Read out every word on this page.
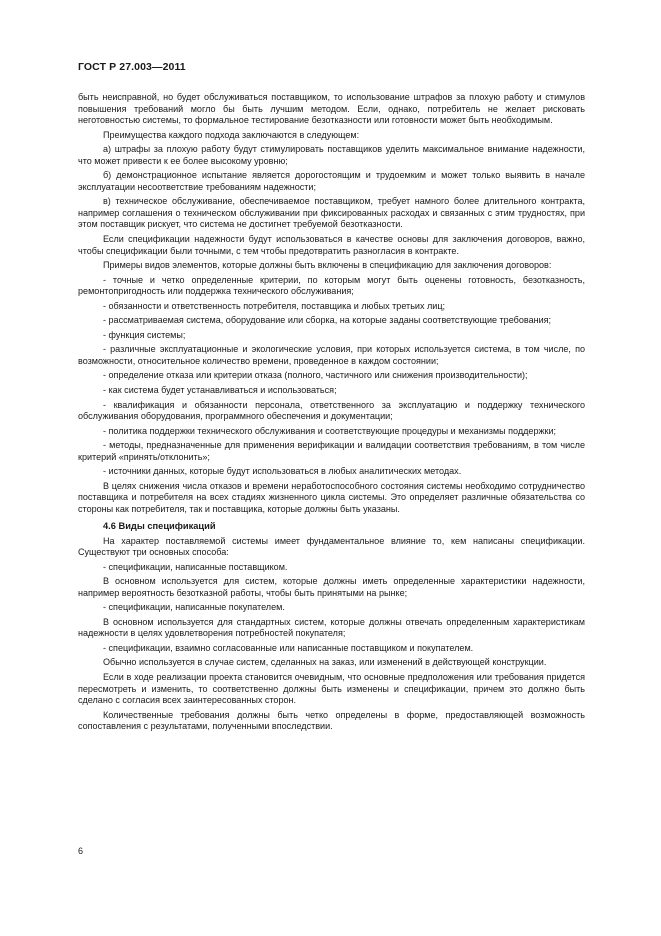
ГОСТ Р 27.003—2011

быть неисправной, но будет обслуживаться поставщиком, то использование штрафов за плохую работу и стимулов повышения требований могло бы быть лучшим методом. Если, однако, потребитель не желает рисковать неготовностью системы, то формальное тестирование безотказности или готовности может быть необходимым.

Преимущества каждого подхода заключаются в следующем:

а) штрафы за плохую работу будут стимулировать поставщиков уделить максимальное внимание надежности, что может привести к ее более высокому уровню;

б) демонстрационное испытание является дорогостоящим и трудоемким и может только выявить в начале эксплуатации несоответствие требованиям надежности;

в) техническое обслуживание, обеспечиваемое поставщиком, требует намного более длительного контракта, например соглашения о техническом обслуживании при фиксированных расходах и связанных с этим трудностях, при этом поставщик рискует, что система не достигнет требуемой безотказности.

Если спецификации надежности будут использоваться в качестве основы для заключения договоров, важно, чтобы спецификации были точными, с тем чтобы предотвратить разногласия в контракте.

Примеры видов элементов, которые должны быть включены в спецификацию для заключения договоров:

- точные и четко определенные критерии, по которым могут быть оценены готовность, безотказность, ремонтопригодность или поддержка технического обслуживания;

- обязанности и ответственность потребителя, поставщика и любых третьих лиц;

- рассматриваемая система, оборудование или сборка, на которые заданы соответствующие требования;

- функция системы;

- различные эксплуатационные и экологические условия, при которых используется система, в том числе, по возможности, относительное количество времени, проведенное в каждом состоянии;

- определение отказа или критерии отказа (полного, частичного или снижения производительности);

- как система будет устанавливаться и использоваться;

- квалификация и обязанности персонала, ответственного за эксплуатацию и поддержку технического обслуживания оборудования, программного обеспечения и документации;

- политика поддержки технического обслуживания и соответствующие процедуры и механизмы поддержки;

- методы, предназначенные для применения верификации и валидации соответствия требованиям, в том числе критерий «принять/отклонить»;

- источники данных, которые будут использоваться в любых аналитических методах.

В целях снижения числа отказов и времени неработоспособного состояния системы необходимо сотрудничество поставщика и потребителя на всех стадиях жизненного цикла системы. Это определяет различные обязательства со стороны как потребителя, так и поставщика, которые должны быть указаны.

4.6 Виды спецификаций

На характер поставляемой системы имеет фундаментальное влияние то, кем написаны спецификации. Существуют три основных способа:

- спецификации, написанные поставщиком.

В основном используется для систем, которые должны иметь определенные характеристики надежности, например вероятность безотказной работы, чтобы быть принятыми на рынке;

- спецификации, написанные покупателем.

В основном используется для стандартных систем, которые должны отвечать определенным характеристикам надежности в целях удовлетворения потребностей покупателя;

- спецификации, взаимно согласованные или написанные поставщиком и покупателем.

Обычно используется в случае систем, сделанных на заказ, или изменений в действующей конструкции.

Если в ходе реализации проекта становится очевидным, что основные предположения или требования придется пересмотреть и изменить, то соответственно должны быть изменены и спецификации, причем это должно быть сделано с согласия всех заинтересованных сторон.

Количественные требования должны быть четко определены в форме, предоставляющей возможность сопоставления с результатами, полученными впоследствии.

6
